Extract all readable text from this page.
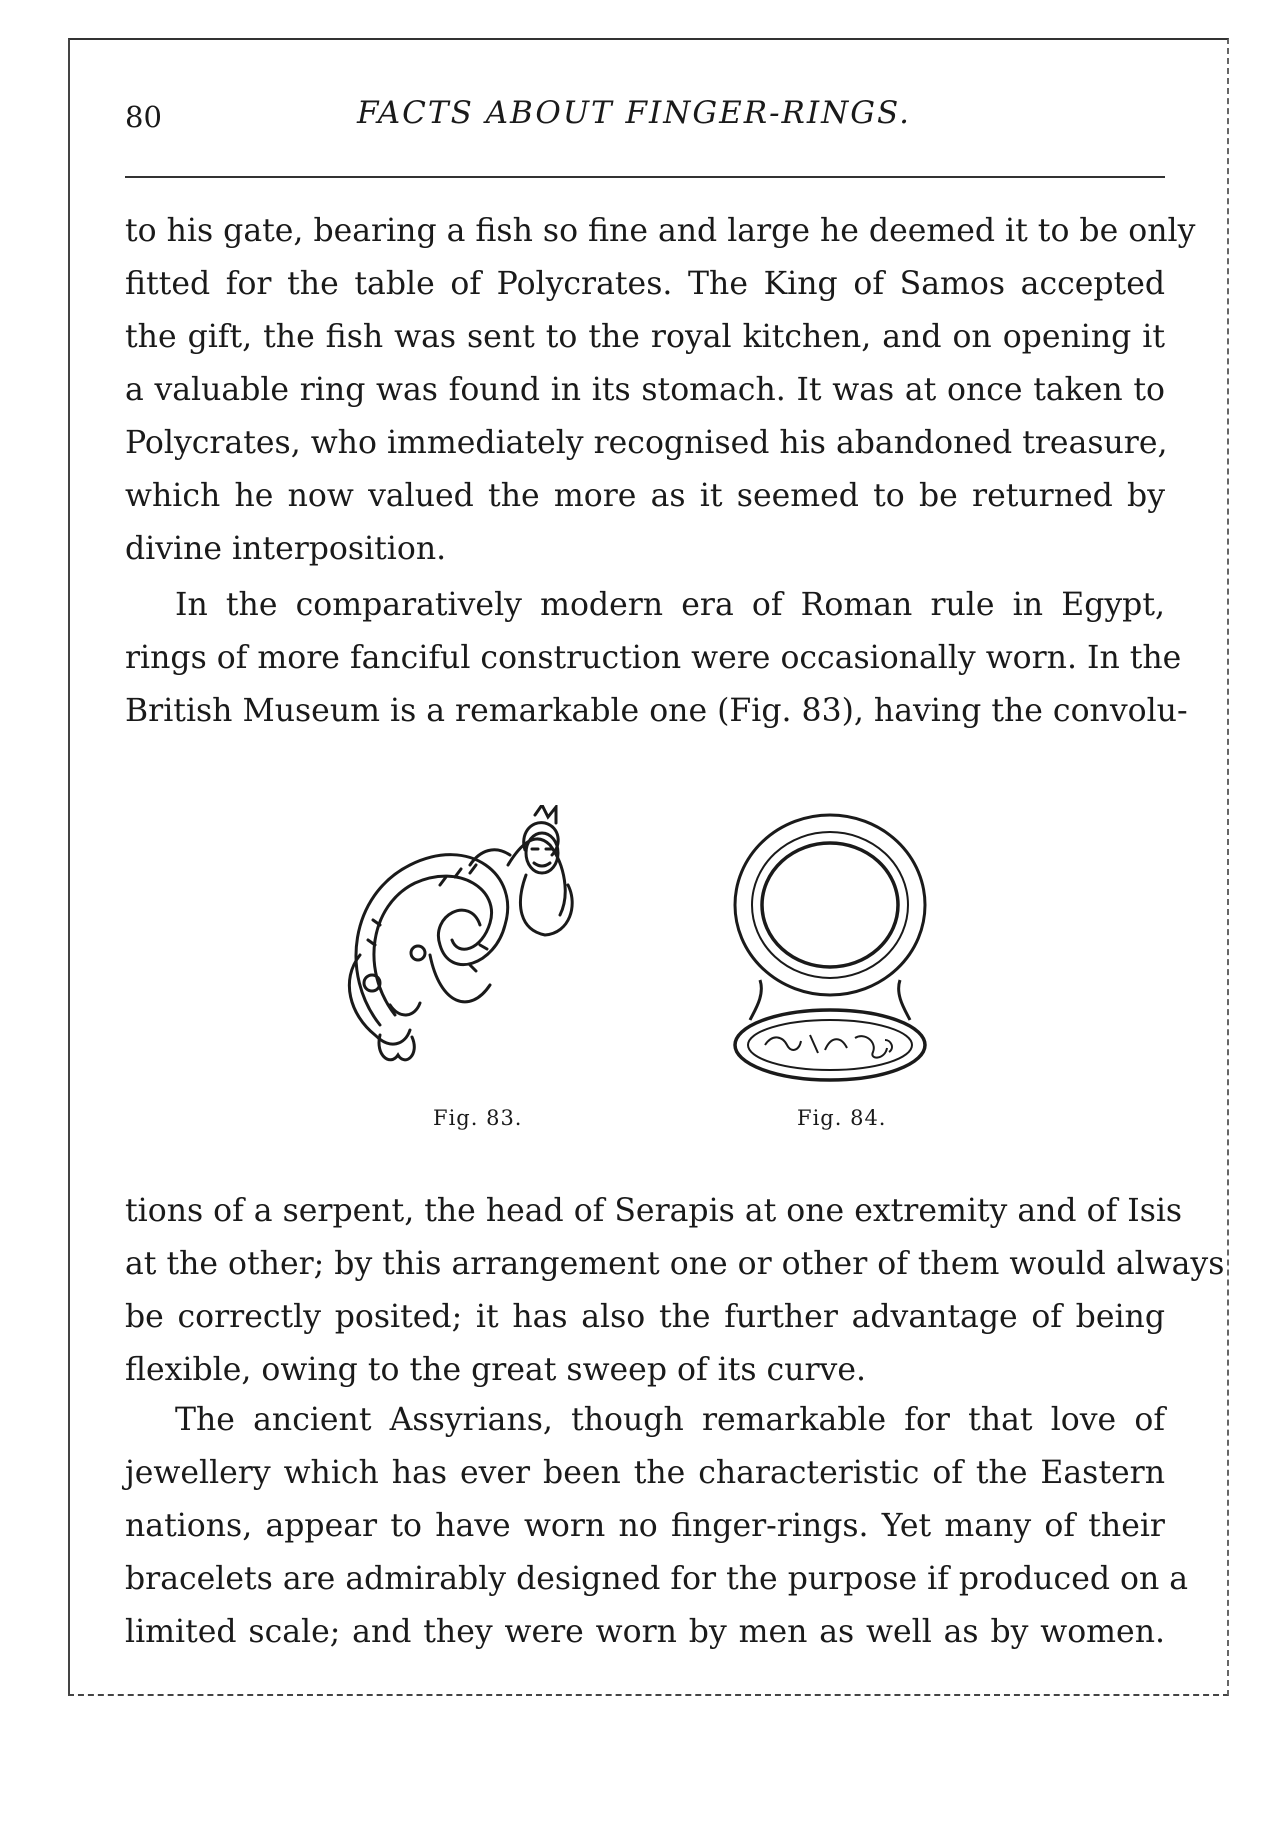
80	FACTS ABOUT FINGER-RINGS.

to his gate, bearing a fish so fine and large he deemed it to be only
fitted for the table of Polycrates. The King of Samos accepted
the gift, the fish was sent to the royal kitchen, and on opening it
a valuable ring was found in its stomach. It was at once taken to
Polycrates, who immediately recognised his abandoned treasure,
which he now valued the more as it seemed to be returned by
divine interposition.

In the comparatively modern era of Roman rule in Egypt,
rings of more fanciful construction were occasionally worn. In the
British Museum is a remarkable one (Fig. 83), having the convolu-

Fig. 83.	Fig. 84.

tions of a serpent, the head of Serapis at one extremity and of Isis
at the other; by this arrangement one or other of them would always
be correctly posited; it has also the further advantage of being
flexible, owing to the great sweep of its curve.

The ancient Assyrians, though remarkable for that love of
jewellery which has ever been the characteristic of the Eastern
nations, appear to have worn no finger-rings. Yet many of their
bracelets are admirably designed for the purpose if produced on a
limited scale; and they were worn by men as well as by women.
